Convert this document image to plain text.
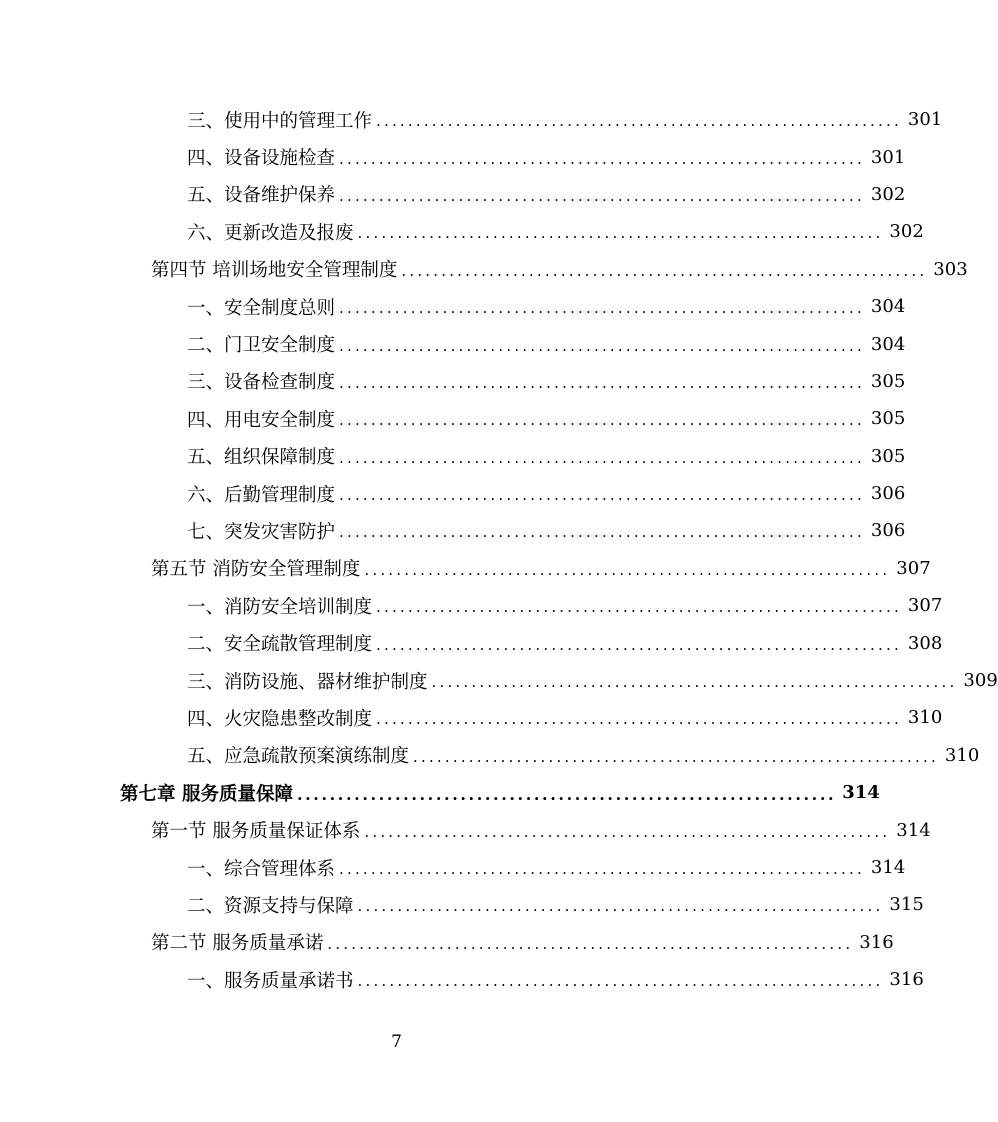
三、使用中的管理工作 .................................................................. 301
四、设备设施检查 .................................................................. 301
五、设备维护保养 .................................................................. 302
六、更新改造及报废 .................................................................. 302
第四节 培训场地安全管理制度 .................................................................. 303
一、安全制度总则 .................................................................. 304
二、门卫安全制度 .................................................................. 304
三、设备检查制度 .................................................................. 305
四、用电安全制度 .................................................................. 305
五、组织保障制度 .................................................................. 305
六、后勤管理制度 .................................................................. 306
七、突发灾害防护 .................................................................. 306
第五节 消防安全管理制度 .................................................................. 307
一、消防安全培训制度 .................................................................. 307
二、安全疏散管理制度 .................................................................. 308
三、消防设施、器材维护制度 .................................................................. 309
四、火灾隐患整改制度 .................................................................. 310
五、应急疏散预案演练制度 .................................................................. 310
第七章 服务质量保障 .................................................................. 314
第一节 服务质量保证体系 .................................................................. 314
一、综合管理体系 .................................................................. 314
二、资源支持与保障 .................................................................. 315
第二节 服务质量承诺 .................................................................. 316
一、服务质量承诺书 .................................................................. 316
7
